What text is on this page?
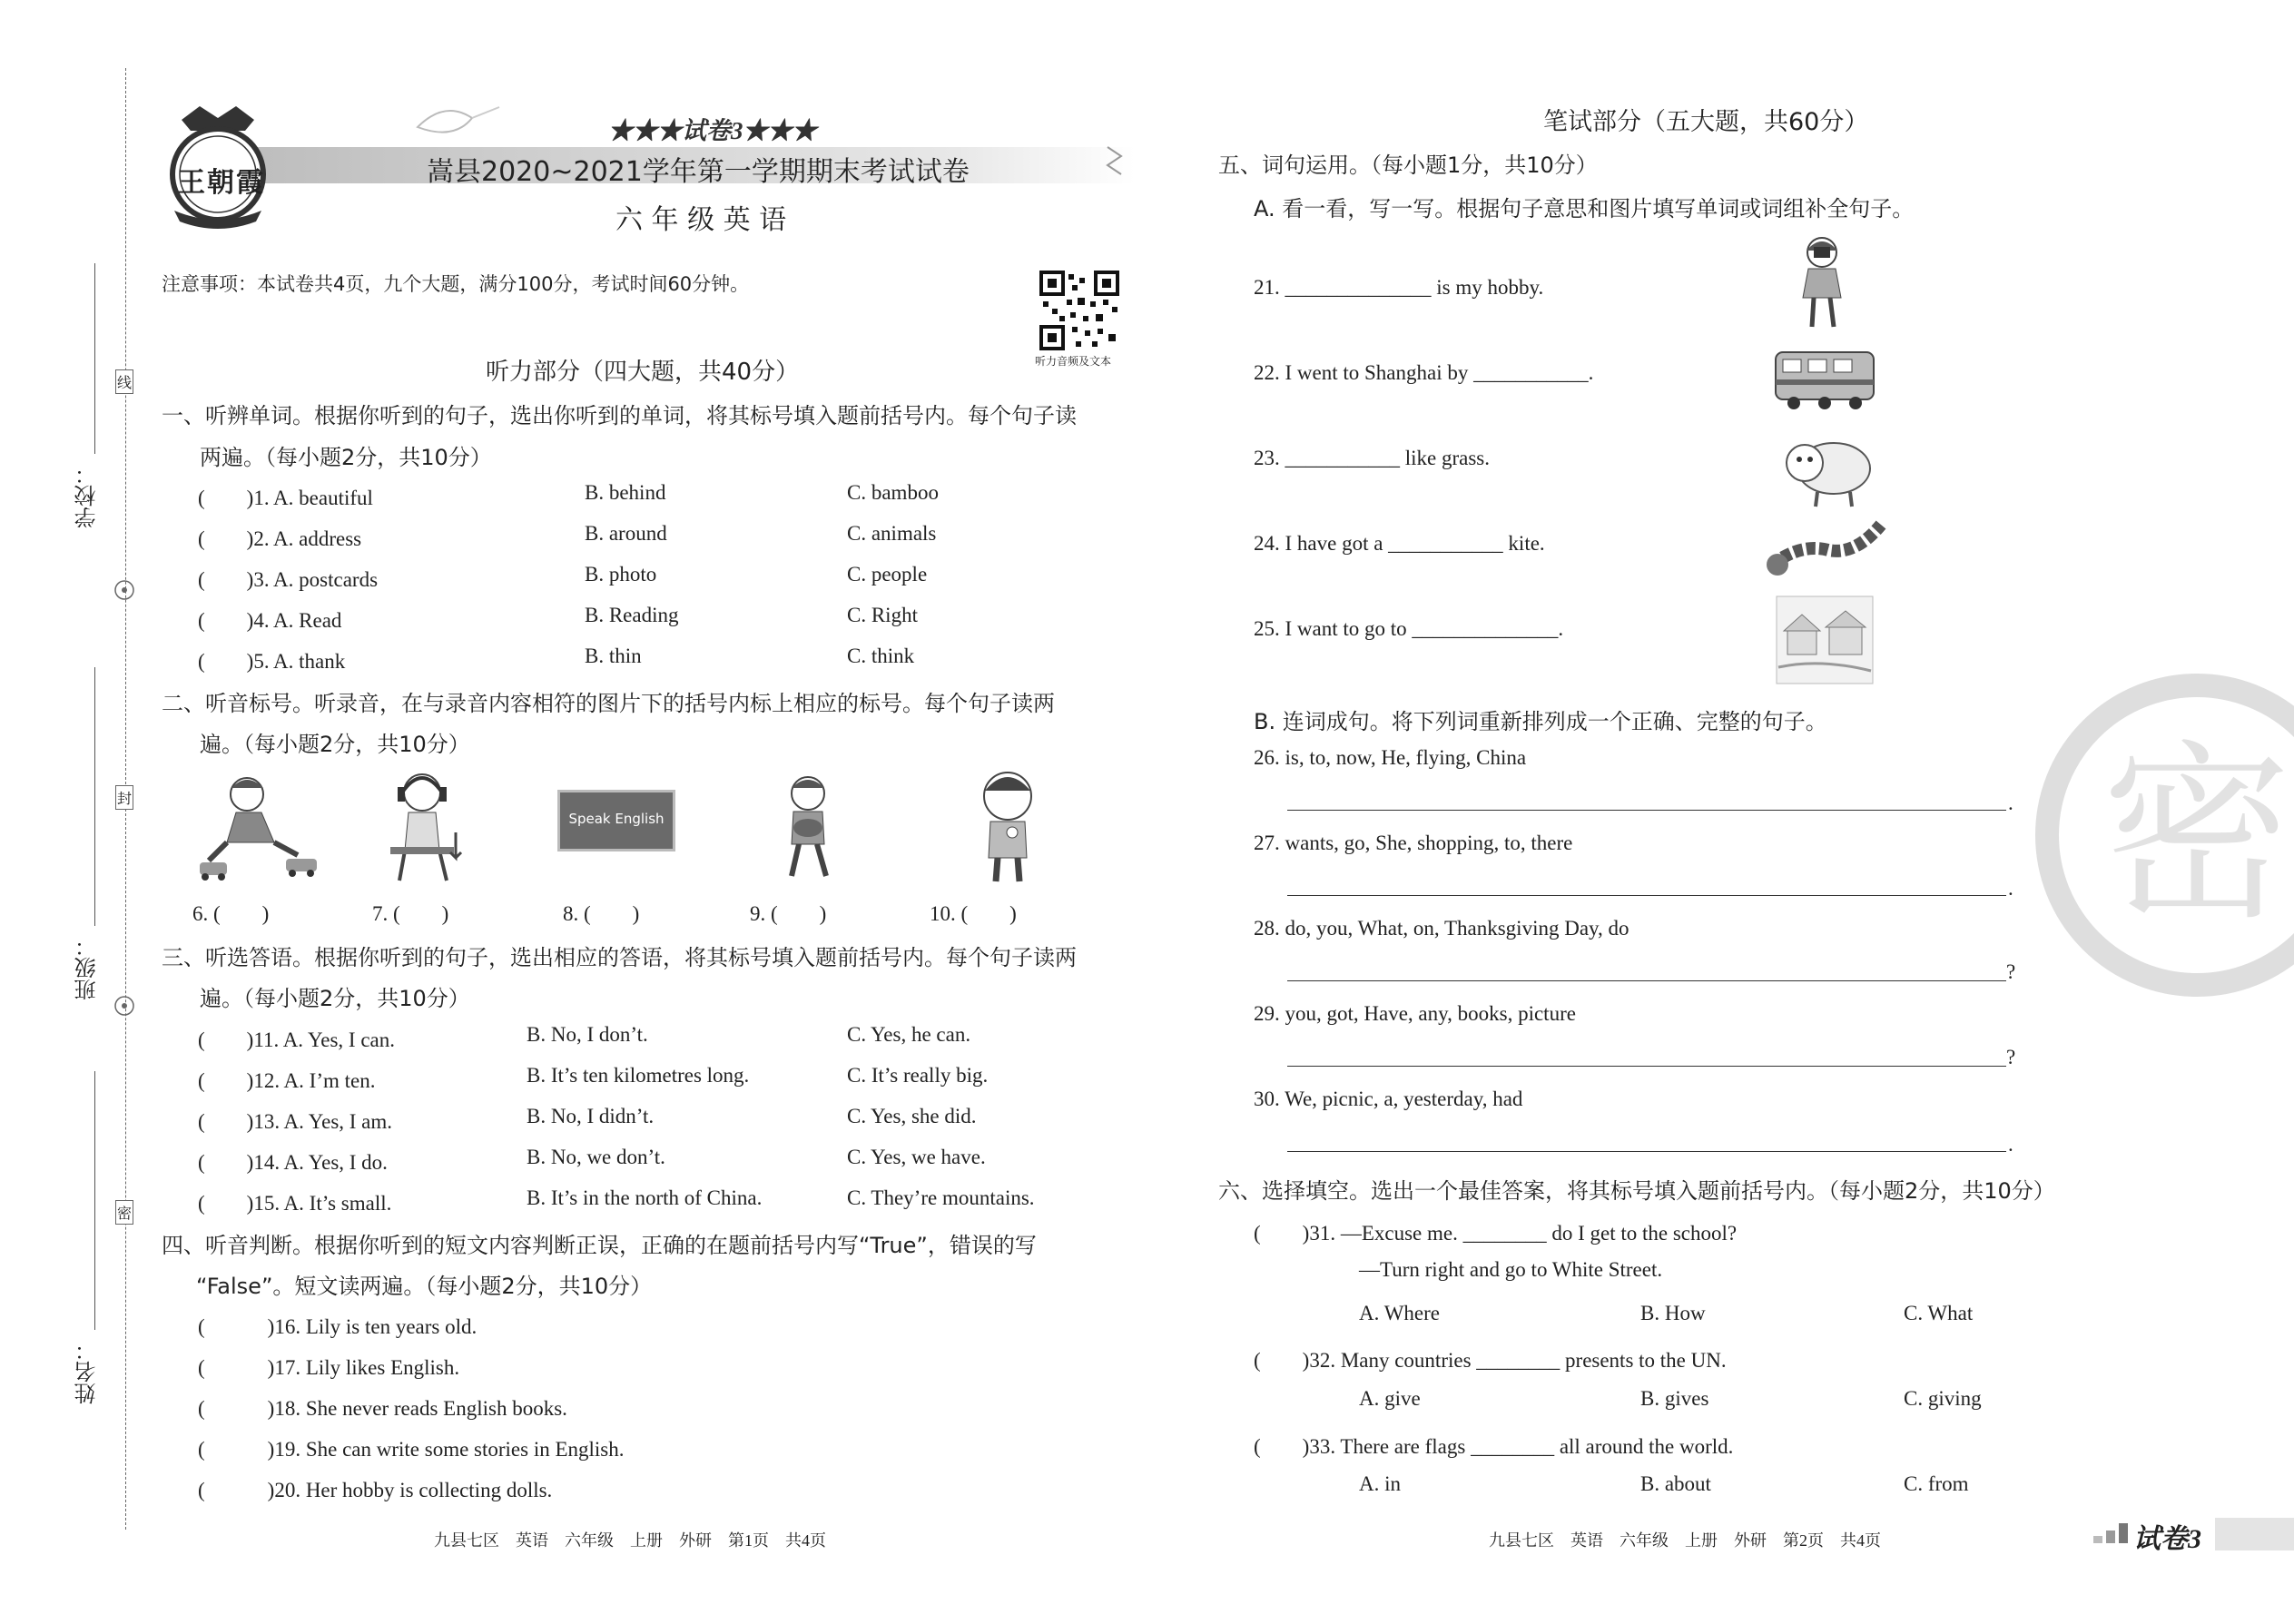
学校：
班级：
姓名：
线
封
密
王朝霞
★★★试卷3★★★
嵩县2020~2021学年第一学期期末考试试卷
六 年 级 英 语
注意事项：本试卷共4页，九个大题，满分100分，考试时间60分钟。
听力音频及文本
听力部分（四大题，共40分）
一、听辨单词。根据你听到的句子，选出你听到的单词，将其标号填入题前括号内。每个句子读
两遍。（每小题2分，共10分）
(　　)1. A. beautiful	B. behind	C. bamboo
(　　)2. A. address	B. around	C. animals
(　　)3. A. postcards	B. photo	C. people
(　　)4. A. Read	B. Reading	C. Right
(　　)5. A. thank	B. thin	C. think
二、听音标号。听录音，在与录音内容相符的图片下的括号内标上相应的标号。每个句子读两
遍。（每小题2分，共10分）
Speak English
6. (　　)	7. (　　)	8. (　　)	9. (　　)	10. (　　)
三、听选答语。根据你听到的句子，选出相应的答语，将其标号填入题前括号内。每个句子读两
遍。（每小题2分，共10分）
(　　)11. A. Yes, I can.	B. No, I don’t.	C. Yes, he can.
(　　)12. A. I’m ten.	B. It’s ten kilometres long.	C. It’s really big.
(　　)13. A. Yes, I am.	B. No, I didn’t.	C. Yes, she did.
(　　)14. A. Yes, I do.	B. No, we don’t.	C. Yes, we have.
(　　)15. A. It’s small.	B. It’s in the north of China.	C. They’re mountains.
四、听音判断。根据你听到的短文内容判断正误，正确的在题前括号内写“True”，错误的写
“False”。短文读两遍。（每小题2分，共10分）
(　　　)16. Lily is ten years old.
(　　　)17. Lily likes English.
(　　　)18. She never reads English books.
(　　　)19. She can write some stories in English.
(　　　)20. Her hobby is collecting dolls.
九县七区　英语　六年级　上册　外研　第1页　共4页
密
笔试部分（五大题，共60分）
五、词句运用。（每小题1分，共10分）
A. 看一看，写一写。根据句子意思和图片填写单词或词组补全句子。
21. ______________ is my hobby.
22. I went to Shanghai by ___________.
23. ___________ like grass.
24. I have got a ___________ kite.
25. I want to go to ______________.
B. 连词成句。将下列词重新排列成一个正确、完整的句子。
26. is, to, now, He, flying, China
.
27. wants, go, She, shopping, to, there
.
28. do, you, What, on, Thanksgiving Day, do
?
29. you, got, Have, any, books, picture
?
30. We, picnic, a, yesterday, had
.
六、选择填空。选出一个最佳答案，将其标号填入题前括号内。（每小题2分，共10分）
(　　)31. —Excuse me. ________ do I get to the school?
—Turn right and go to White Street.
A. Where	B. How	C. What
(　　)32. Many countries ________ presents to the UN.
A. give	B. gives	C. giving
(　　)33. There are flags ________ all around the world.
A. in	B. about	C. from
九县七区　英语　六年级　上册　外研　第2页　共4页	试卷3
